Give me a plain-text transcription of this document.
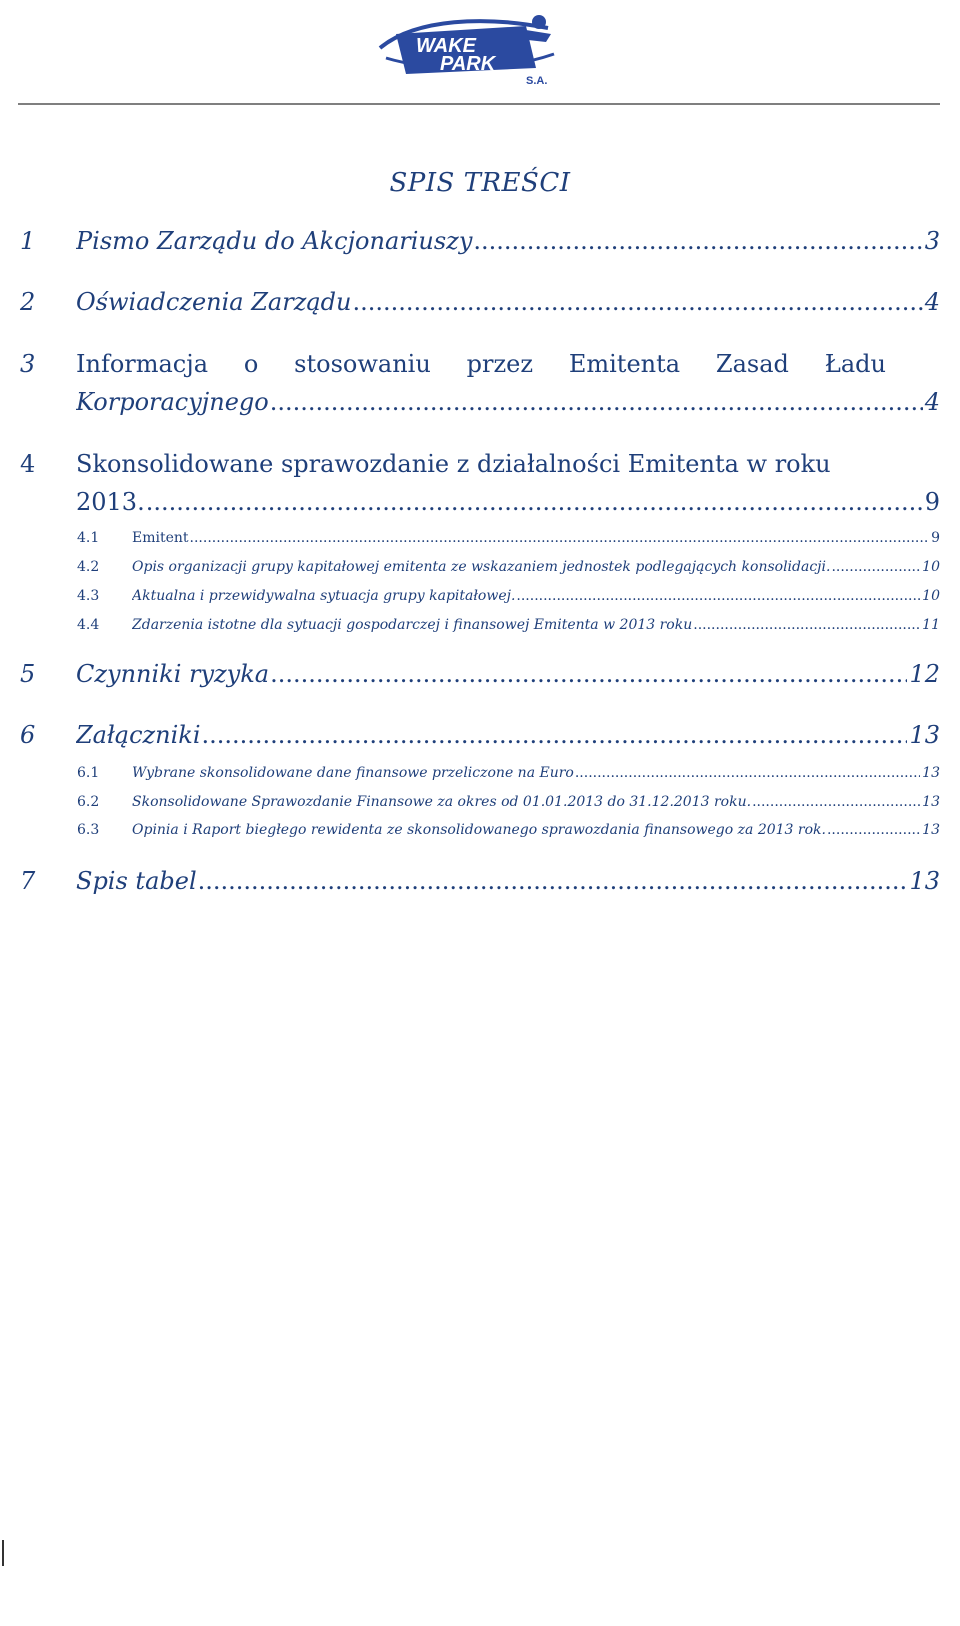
WAKE
PARK
S.A.
SPIS TREŚCI
1 Pismo Zarządu do Akcjonariuszy .....	3
2 Oświadczenia Zarządu .....	4
3 Informacja o stosowaniu przez Emitenta Zasad Ładu
Korporacyjnego .....	4
4 Skonsolidowane sprawozdanie z działalności Emitenta w roku
2013. .....	9
4.1 Emitent .....	9
4.2 Opis organizacji grupy kapitałowej emitenta ze wskazaniem jednostek podlegających konsolidacji. .....	10
4.3 Aktualna i przewidywalna sytuacja grupy kapitałowej. .....	10
4.4 Zdarzenia istotne dla sytuacji gospodarczej i finansowej Emitenta w 2013 roku .....	11
5 Czynniki ryzyka .....	12
6 Załączniki .....	13
6.1 Wybrane skonsolidowane dane finansowe przeliczone na Euro .....	13
6.2 Skonsolidowane Sprawozdanie Finansowe za okres od 01.01.2013 do 31.12.2013 roku. .....	13
6.3 Opinia i Raport biegłego rewidenta ze skonsolidowanego sprawozdania finansowego za 2013 rok. .....	13
7 Spis tabel .....	13
